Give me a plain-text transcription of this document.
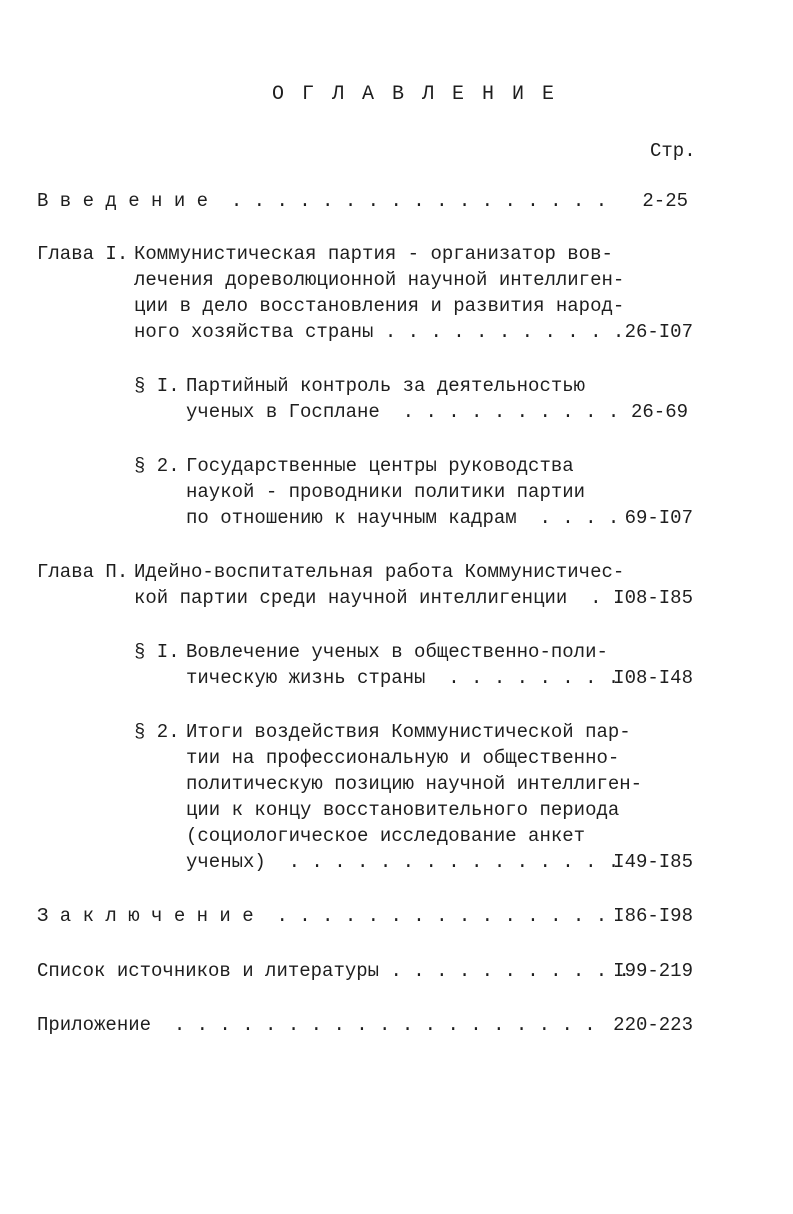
О Г Л А В Л Е Н И Е
Стр.
В в е д е н и е  . . . . . . . . . . . . . . . . .	2-25
Глава I. Коммунистическая партия - организатор вов-
лечения дореволюционной научной интеллиген-
ции в дело восстановления и развития народ-
ного хозяйства страны . . . . . . . . . . . 26-I07
§ I. Партийный контроль за деятельностью
ученых в Госплане  . . . . . . . . . . 26-69
§ 2. Государственные центры руководства
наукой - проводники политики партии
по отношению к научным кадрам  . . . . 69-I07
Глава П. Идейно-воспитательная работа Коммунистичес-
кой партии среди научной интеллигенции  . .
I08-I85
§ I. Вовлечение ученых в общественно-поли-
тическую жизнь страны  . . . . . . . .
I08-I48
§ 2. Итоги воздействия Коммунистической пар-
тии на профессиональную и общественно-
политическую позицию научной интеллиген-
ции к концу восстановительного периода
(социологическое исследование анкет
ученых)  . . . . . . . . . . . . . . .
I49-I85
З а к л ю ч е н и е  . . . . . . . . . . . . . . . I86-I98
Список источников и литературы . . . . . . . . . . .
I99-219
Приложение  . . . . . . . . . . . . . . . . . . . 220-223
